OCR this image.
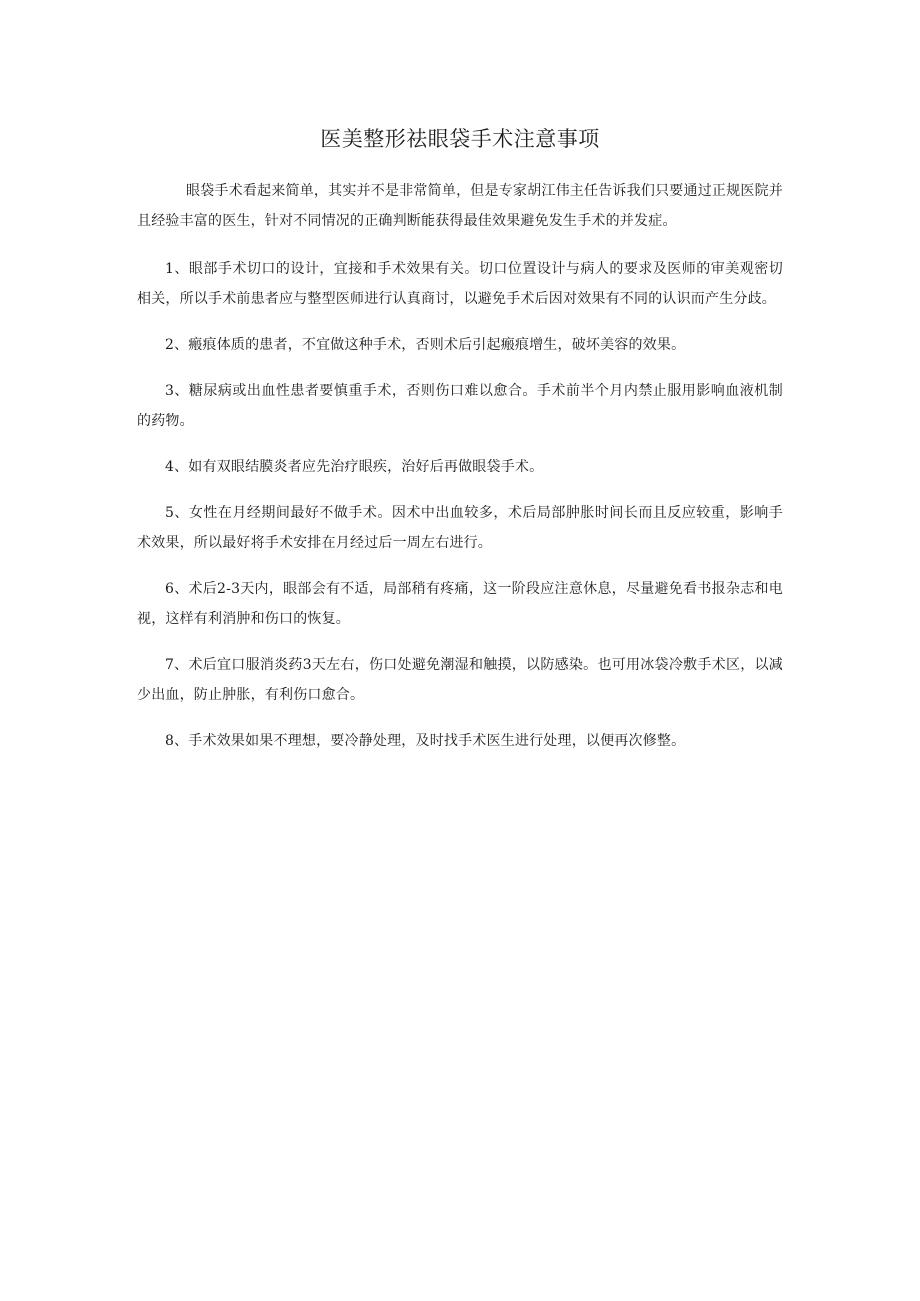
医美整形祛眼袋手术注意事项

眼袋手术看起来简单，其实并不是非常简单，但是专家胡江伟主任告诉我们只要通过正规医院并且经验丰富的医生，针对不同情况的正确判断能获得最佳效果避免发生手术的并发症。

1、眼部手术切口的设计，宜接和手术效果有关。切口位置设计与病人的要求及医师的审美观密切相关，所以手术前患者应与整型医师进行认真商讨，以避免手术后因对效果有不同的认识而产生分歧。

2、瘢痕体质的患者，不宜做这种手术，否则术后引起瘢痕增生，破坏美容的效果。

3、糖尿病或出血性患者要慎重手术，否则伤口难以愈合。手术前半个月内禁止服用影响血液机制的药物。

4、如有双眼结膜炎者应先治疗眼疾，治好后再做眼袋手术。

5、女性在月经期间最好不做手术。因术中出血较多，术后局部肿胀时间长而且反应较重，影响手术效果，所以最好将手术安排在月经过后一周左右进行。

6、术后2-3天内，眼部会有不适，局部稍有疼痛，这一阶段应注意休息，尽量避免看书报杂志和电视，这样有利消肿和伤口的恢复。

7、术后宜口服消炎药3天左右，伤口处避免潮湿和触摸，以防感染。也可用冰袋冷敷手术区，以减少出血，防止肿胀，有利伤口愈合。

8、手术效果如果不理想，要冷静处理，及时找手术医生进行处理，以便再次修整。
